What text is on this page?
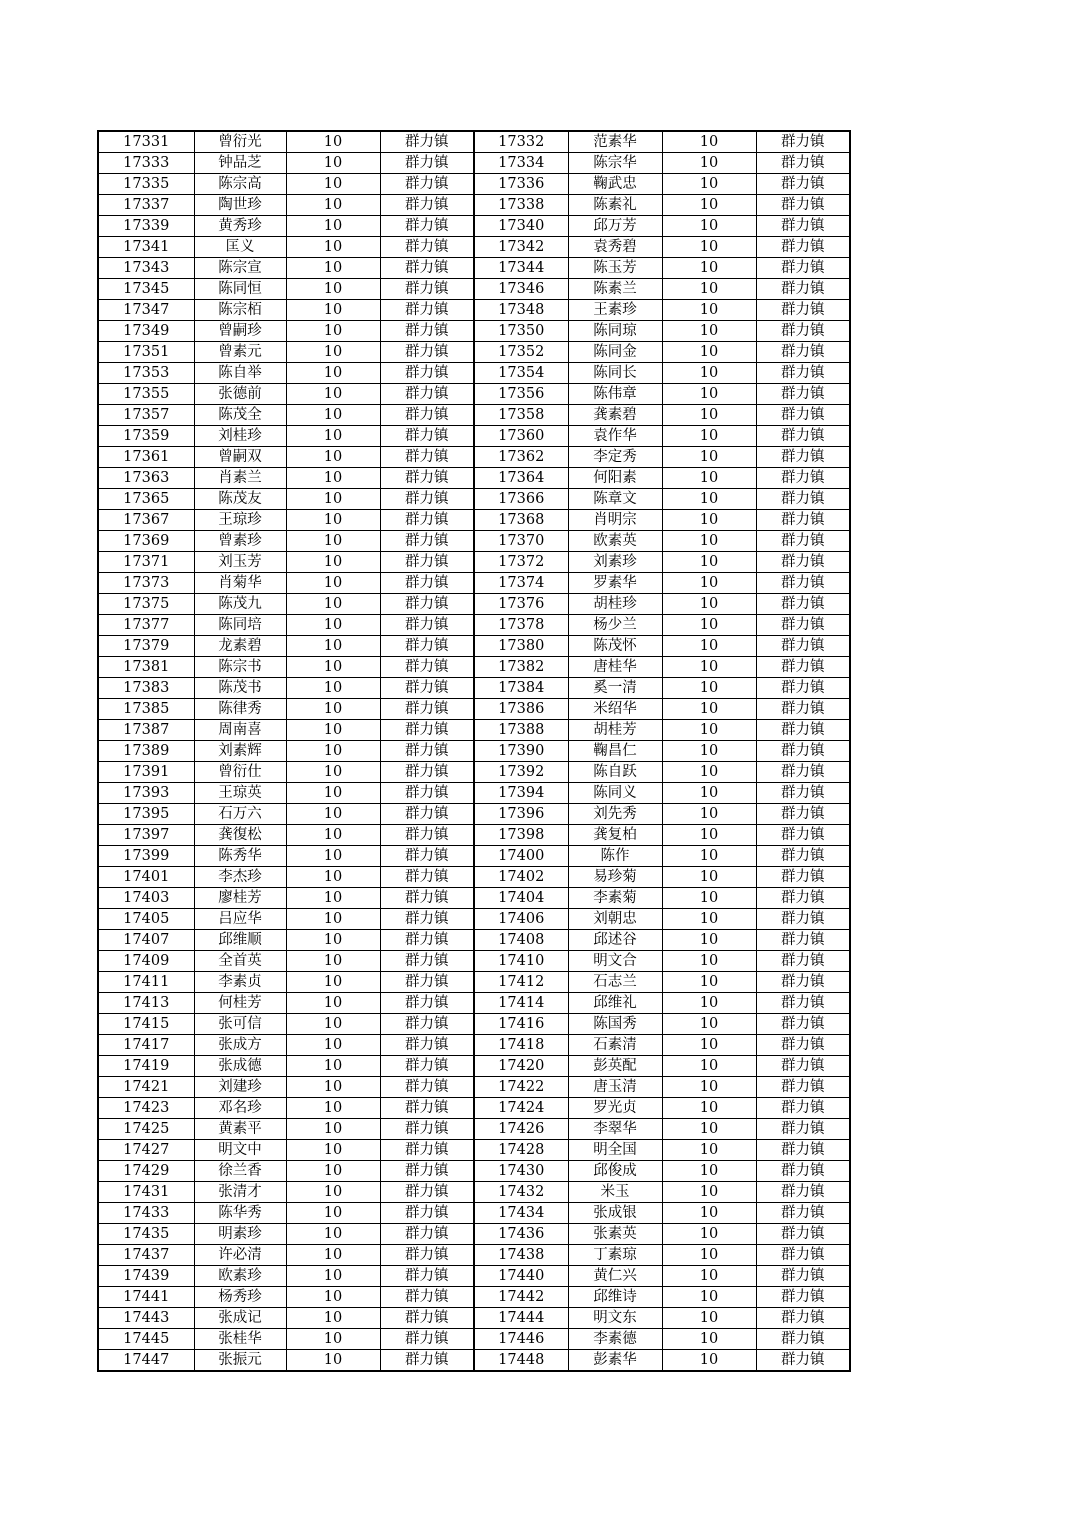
17331	曾衍光	10	群力镇	17332	范素华	10	群力镇
17333	钟品芝	10	群力镇	17334	陈宗华	10	群力镇
17335	陈宗高	10	群力镇	17336	鞠武忠	10	群力镇
17337	陶世珍	10	群力镇	17338	陈素礼	10	群力镇
17339	黄秀珍	10	群力镇	17340	邱万芳	10	群力镇
17341	匡义	10	群力镇	17342	袁秀碧	10	群力镇
17343	陈宗宣	10	群力镇	17344	陈玉芳	10	群力镇
17345	陈同恒	10	群力镇	17346	陈素兰	10	群力镇
17347	陈宗栢	10	群力镇	17348	王素珍	10	群力镇
17349	曾嗣珍	10	群力镇	17350	陈同琼	10	群力镇
17351	曾素元	10	群力镇	17352	陈同金	10	群力镇
17353	陈自举	10	群力镇	17354	陈同长	10	群力镇
17355	张德前	10	群力镇	17356	陈伟章	10	群力镇
17357	陈茂全	10	群力镇	17358	龚素碧	10	群力镇
17359	刘桂珍	10	群力镇	17360	袁作华	10	群力镇
17361	曾嗣双	10	群力镇	17362	李定秀	10	群力镇
17363	肖素兰	10	群力镇	17364	何阳素	10	群力镇
17365	陈茂友	10	群力镇	17366	陈章文	10	群力镇
17367	王琼珍	10	群力镇	17368	肖明宗	10	群力镇
17369	曾素珍	10	群力镇	17370	欧素英	10	群力镇
17371	刘玉芳	10	群力镇	17372	刘素珍	10	群力镇
17373	肖菊华	10	群力镇	17374	罗素华	10	群力镇
17375	陈茂九	10	群力镇	17376	胡桂珍	10	群力镇
17377	陈同培	10	群力镇	17378	杨少兰	10	群力镇
17379	龙素碧	10	群力镇	17380	陈茂怀	10	群力镇
17381	陈宗书	10	群力镇	17382	唐桂华	10	群力镇
17383	陈茂书	10	群力镇	17384	奚一清	10	群力镇
17385	陈律秀	10	群力镇	17386	米绍华	10	群力镇
17387	周南喜	10	群力镇	17388	胡桂芳	10	群力镇
17389	刘素辉	10	群力镇	17390	鞠昌仁	10	群力镇
17391	曾衍仕	10	群力镇	17392	陈自跃	10	群力镇
17393	王琼英	10	群力镇	17394	陈同义	10	群力镇
17395	石万六	10	群力镇	17396	刘先秀	10	群力镇
17397	龚復松	10	群力镇	17398	龚复柏	10	群力镇
17399	陈秀华	10	群力镇	17400	陈作	10	群力镇
17401	李杰珍	10	群力镇	17402	易珍菊	10	群力镇
17403	廖桂芳	10	群力镇	17404	李素菊	10	群力镇
17405	吕应华	10	群力镇	17406	刘朝忠	10	群力镇
17407	邱维顺	10	群力镇	17408	邱述谷	10	群力镇
17409	全首英	10	群力镇	17410	明文合	10	群力镇
17411	李素贞	10	群力镇	17412	石志兰	10	群力镇
17413	何桂芳	10	群力镇	17414	邱维礼	10	群力镇
17415	张可信	10	群力镇	17416	陈国秀	10	群力镇
17417	张成方	10	群力镇	17418	石素清	10	群力镇
17419	张成德	10	群力镇	17420	彭英配	10	群力镇
17421	刘建珍	10	群力镇	17422	唐玉清	10	群力镇
17423	邓名珍	10	群力镇	17424	罗光贞	10	群力镇
17425	黄素平	10	群力镇	17426	李翠华	10	群力镇
17427	明文中	10	群力镇	17428	明全国	10	群力镇
17429	徐兰香	10	群力镇	17430	邱俊成	10	群力镇
17431	张清才	10	群力镇	17432	米玉	10	群力镇
17433	陈华秀	10	群力镇	17434	张成银	10	群力镇
17435	明素珍	10	群力镇	17436	张素英	10	群力镇
17437	许必清	10	群力镇	17438	丁素琼	10	群力镇
17439	欧素珍	10	群力镇	17440	黄仁兴	10	群力镇
17441	杨秀珍	10	群力镇	17442	邱维诗	10	群力镇
17443	张成记	10	群力镇	17444	明文东	10	群力镇
17445	张桂华	10	群力镇	17446	李素德	10	群力镇
17447	张振元	10	群力镇	17448	彭素华	10	群力镇
